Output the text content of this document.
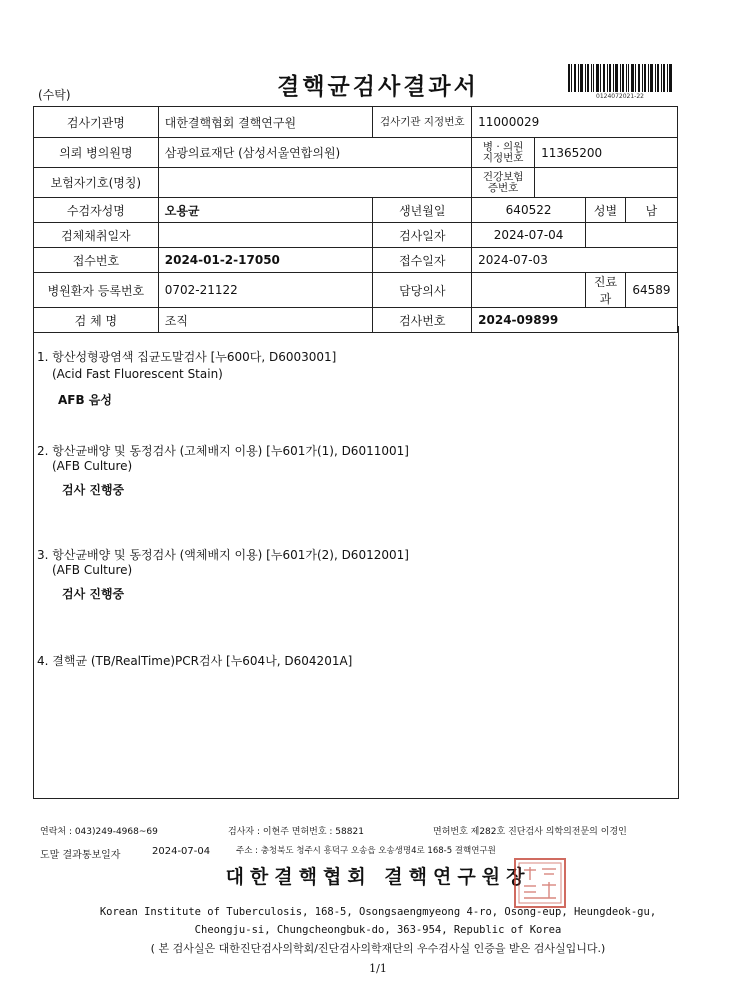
(수탁)	결핵균검사결과서	0124072021-22
검사기관명	대한결핵협회 결핵연구원	검사기관 지정번호	11000029			
의뢰 병의원명	삼광의료재단 (삼성서울연합의원)		병 · 의원 지정번호	11365200		
보험자기호(명칭)			건강보험 증번호			
수검자성명	오용균	생년월일	640522		성별	남
검체채취일자		검사일자	2024-07-04			
접수번호	2024-01-2-17050	접수일자	2024-07-03			
병원환자 등록번호	0702-21122	담당의사			진료과	64589
검 체 명	조직	검사번호	2024-09899			
1. 항산성형광염색 집균도말검사 [누600다, D6003001]
(Acid Fast Fluorescent Stain)
AFB 음성
2. 항산균배양 및 동정검사 (고체배지 이용) [누601가(1), D6011001]
(AFB Culture)
검사 진행중
3. 항산균배양 및 동정검사 (액체배지 이용) [누601가(2), D6012001]
(AFB Culture)
검사 진행중
4. 결핵균 (TB/RealTime)PCR검사 [누604나, D604201A]
연락처 : 043)249-4968~69	검사자 : 이현주 면허번호 : 58821	면허번호 제282호 진단검사 의학의전문의 이경인
도말 결과통보일자	2024-07-04	주소 : 충청북도 청주시 흥덕구 오송읍 오송생명4로 168-5 결핵연구원
대한결핵협회 결핵연구원장
Korean Institute of Tuberculosis, 168-5, Osongsaengmyeong 4-ro, Osong-eup, Heungdeok-gu,
Cheongju-si, Chungcheongbuk-do, 363-954, Republic of Korea
( 본 검사실은 대한진단검사의학회/진단검사의학재단의 우수검사실 인증을 받은 검사실입니다.)
1/1
